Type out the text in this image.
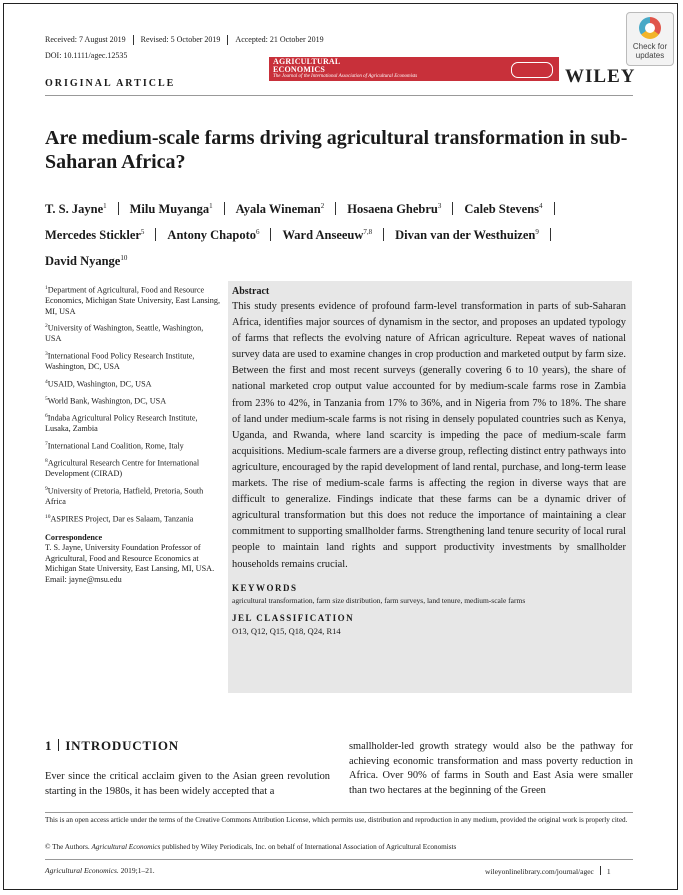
Received: 7 August 2019 Revised: 5 October 2019 Accepted: 21 October 2019
DOI: 10.1111/agec.12535
Check for
updates
AGRICULTURAL
ECONOMICS
The Journal of the International Association of Agricultural Economists	WILEY
ORIGINAL ARTICLE
Are medium-scale farms driving agricultural transformation in sub-Saharan Africa?
T. S. Jayne$^1$ Milu Muyanga$^1$ Ayala Wineman$^2$ Hosaena Ghebru$^3$ Caleb Stevens$^4$
Mercedes Stickler$^5$ Antony Chapoto$^6$ Ward Anseeuw$^{7,8}$ Divan van der Westhuizen$^9$
David Nyange$^{10}$
$^1$Department of Agricultural, Food and Resource Economics, Michigan State University, East Lansing, MI, USA
$^2$University of Washington, Seattle, Washington, USA
$^3$International Food Policy Research Institute, Washington, DC, USA
$^4$USAID, Washington, DC, USA
$^5$World Bank, Washington, DC, USA
$^6$Indaba Agricultural Policy Research Institute, Lusaka, Zambia
$^7$International Land Coalition, Rome, Italy
$^8$Agricultural Research Centre for International Development (CIRAD)
$^9$University of Pretoria, Hatfield, Pretoria, South Africa
$^{10}$ASPIRES Project, Dar es Salaam, Tanzania
Correspondence
T. S. Jayne, University Foundation Professor of Agricultural, Food and Resource Economics at Michigan State University, East Lansing, MI, USA.
Email: jayne@msu.edu
Abstract
This study presents evidence of profound farm-level transformation in parts of sub-Saharan Africa, identifies major sources of dynamism in the sector, and proposes an updated typology of farms that reflects the evolving nature of African agriculture. Repeat waves of national survey data are used to examine changes in crop production and marketed output by farm size. Between the first and most recent surveys (generally covering 6 to 10 years), the share of national marketed crop output value accounted for by medium-scale farms rose in Zambia from 23% to 42%, in Tanzania from 17% to 36%, and in Nigeria from 7% to 18%. The share of land under medium-scale farms is not rising in densely populated countries such as Kenya, Uganda, and Rwanda, where land scarcity is impeding the pace of medium-scale farm acquisitions. Medium-scale farmers are a diverse group, reflecting distinct entry pathways into agriculture, encouraged by the rapid development of land rental, purchase, and long-term lease markets. The rise of medium-scale farms is affecting the region in diverse ways that are difficult to generalize. Findings indicate that these farms can be a dynamic driver of agricultural transformation but this does not reduce the importance of maintaining a clear commitment to supporting smallholder farms. Strengthening land tenure security of local rural people to maintain land rights and support productivity investments by smallholder households remains crucial.
KEYWORDS
agricultural transformation, farm size distribution, farm surveys, land tenure, medium-scale farms
JEL CLASSIFICATION
O13, Q12, Q15, Q18, Q24, R14
1 INTRODUCTION
Ever since the critical acclaim given to the Asian green revolution starting in the 1980s, it has been widely accepted that a
smallholder-led growth strategy would also be the pathway for achieving economic transformation and mass poverty reduction in Africa. Over 90% of farms in South and East Asia were smaller than two hectares at the beginning of the Green
This is an open access article under the terms of the Creative Commons Attribution License, which permits use, distribution and reproduction in any medium, provided the original work is properly cited.
© The Authors. Agricultural Economics published by Wiley Periodicals, Inc. on behalf of International Association of Agricultural Economists
Agricultural Economics. 2019;1–21.	wileyonlinelibrary.com/journal/agec 1
